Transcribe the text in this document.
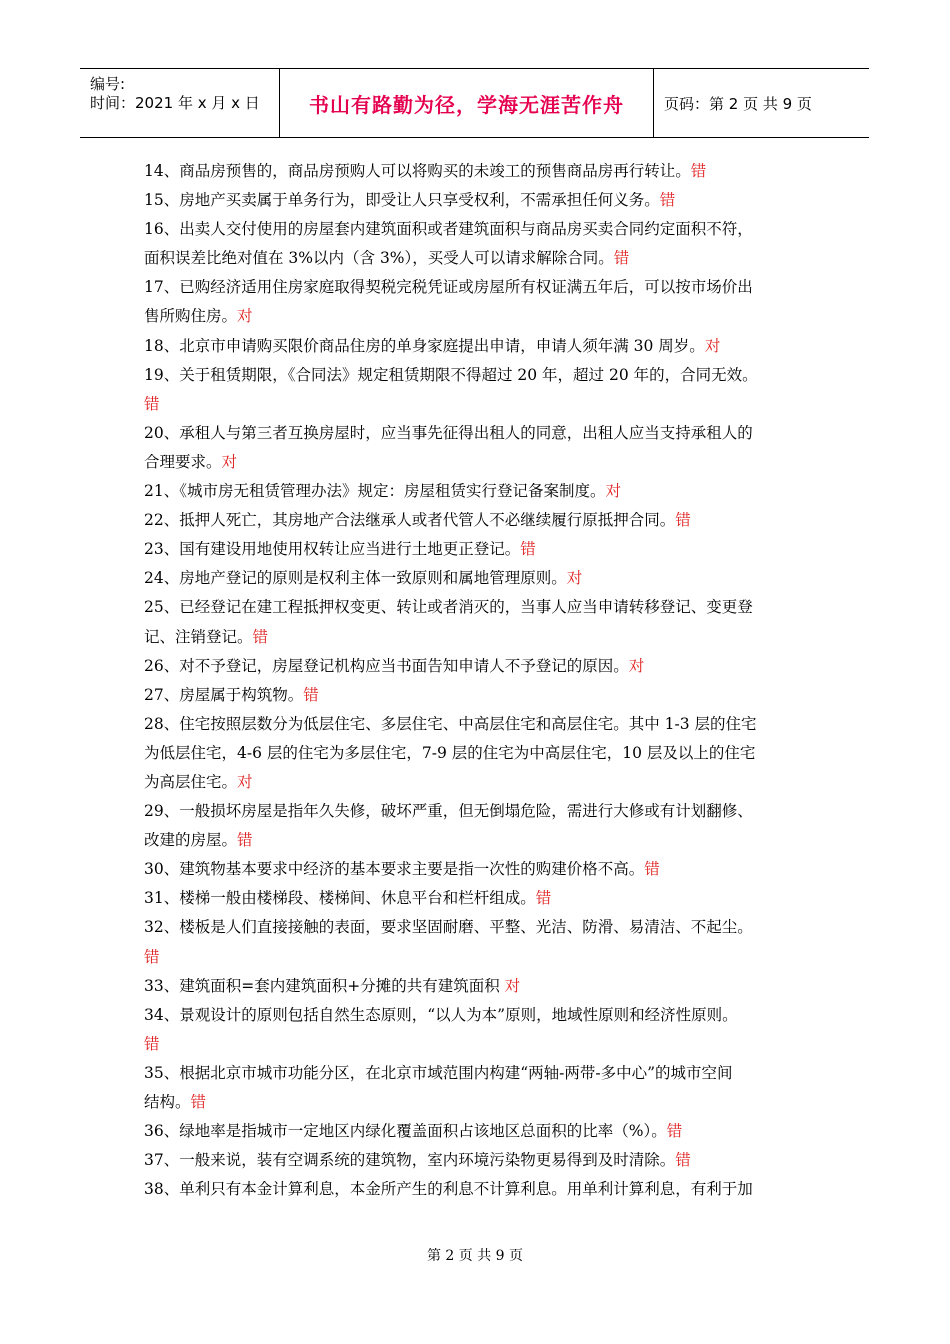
编号:
时间：2021 年 x 月 x 日	书山有路勤为径，学海无涯苦作舟	页码：第 2 页 共 9 页
14、商品房预售的，商品房预购人可以将购买的未竣工的预售商品房再行转让。错
15、房地产买卖属于单务行为，即受让人只享受权利，不需承担任何义务。错
16、出卖人交付使用的房屋套内建筑面积或者建筑面积与商品房买卖合同约定面积不符，
面积误差比绝对值在 3%以内（含 3%），买受人可以请求解除合同。错
17、已购经济适用住房家庭取得契税完税凭证或房屋所有权证满五年后，可以按市场价出
售所购住房。对
18、北京市申请购买限价商品住房的单身家庭提出申请，申请人须年满 30 周岁。对
19、关于租赁期限，《合同法》规定租赁期限不得超过 20 年，超过 20 年的，合同无效。
错
20、承租人与第三者互换房屋时，应当事先征得出租人的同意，出租人应当支持承租人的
合理要求。对
21、《城市房无租赁管理办法》规定：房屋租赁实行登记备案制度。对
22、抵押人死亡，其房地产合法继承人或者代管人不必继续履行原抵押合同。错
23、国有建设用地使用权转让应当进行土地更正登记。错
24、房地产登记的原则是权利主体一致原则和属地管理原则。对
25、已经登记在建工程抵押权变更、转让或者消灭的，当事人应当申请转移登记、变更登
记、注销登记。错
26、对不予登记，房屋登记机构应当书面告知申请人不予登记的原因。对
27、房屋属于构筑物。错
28、住宅按照层数分为低层住宅、多层住宅、中高层住宅和高层住宅。其中 1-3 层的住宅
为低层住宅，4-6 层的住宅为多层住宅，7-9 层的住宅为中高层住宅，10 层及以上的住宅
为高层住宅。对
29、一般损坏房屋是指年久失修，破坏严重，但无倒塌危险，需进行大修或有计划翻修、
改建的房屋。错
30、建筑物基本要求中经济的基本要求主要是指一次性的购建价格不高。错
31、楼梯一般由楼梯段、楼梯间、休息平台和栏杆组成。错
32、楼板是人们直接接触的表面，要求坚固耐磨、平整、光洁、防滑、易清洁、不起尘。
错
33、建筑面积=套内建筑面积+分摊的共有建筑面积 对
34、景观设计的原则包括自然生态原则，“以人为本”原则，地域性原则和经济性原则。
错
35、根据北京市城市功能分区，在北京市域范围内构建“两轴-两带-多中心”的城市空间
结构。错
36、绿地率是指城市一定地区内绿化覆盖面积占该地区总面积的比率（%）。错
37、一般来说，装有空调系统的建筑物，室内环境污染物更易得到及时清除。错
38、单利只有本金计算利息，本金所产生的利息不计算利息。用单利计算利息，有利于加
第 2 页 共 9 页
